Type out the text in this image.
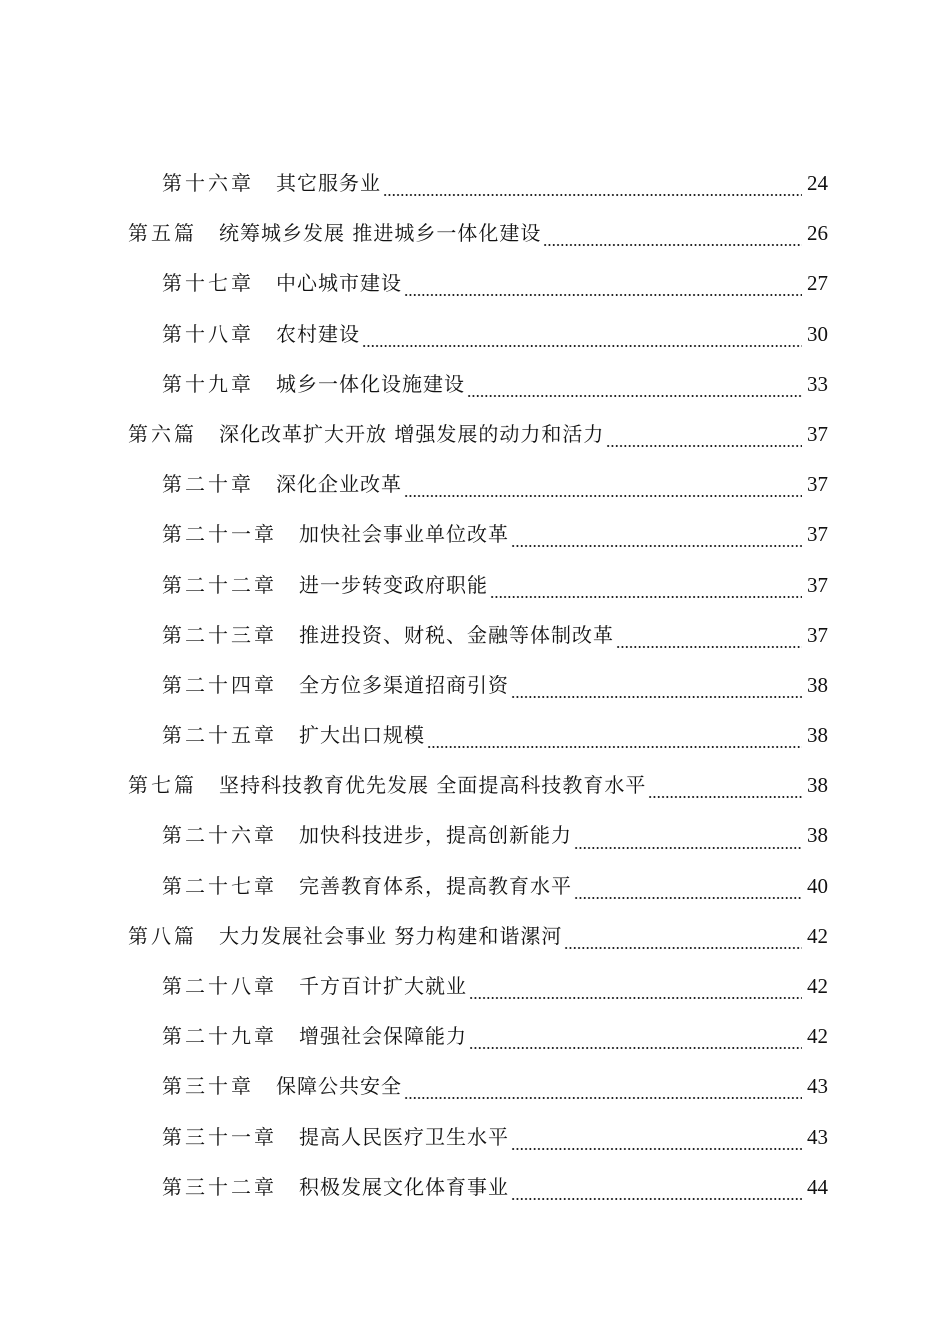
第十六章 其它服务业	24
第五篇 统筹城乡发展 推进城乡一体化建设	26
第十七章 中心城市建设	27
第十八章 农村建设	30
第十九章 城乡一体化设施建设	33
第六篇 深化改革扩大开放 增强发展的动力和活力	37
第二十章 深化企业改革	37
第二十一章 加快社会事业单位改革	37
第二十二章 进一步转变政府职能	37
第二十三章 推进投资、财税、金融等体制改革	37
第二十四章 全方位多渠道招商引资	38
第二十五章 扩大出口规模	38
第七篇 坚持科技教育优先发展 全面提高科技教育水平	38
第二十六章 加快科技进步，提高创新能力	38
第二十七章 完善教育体系，提高教育水平	40
第八篇 大力发展社会事业 努力构建和谐漯河	42
第二十八章 千方百计扩大就业	42
第二十九章 增强社会保障能力	42
第三十章 保障公共安全	43
第三十一章 提高人民医疗卫生水平	43
第三十二章 积极发展文化体育事业	44
